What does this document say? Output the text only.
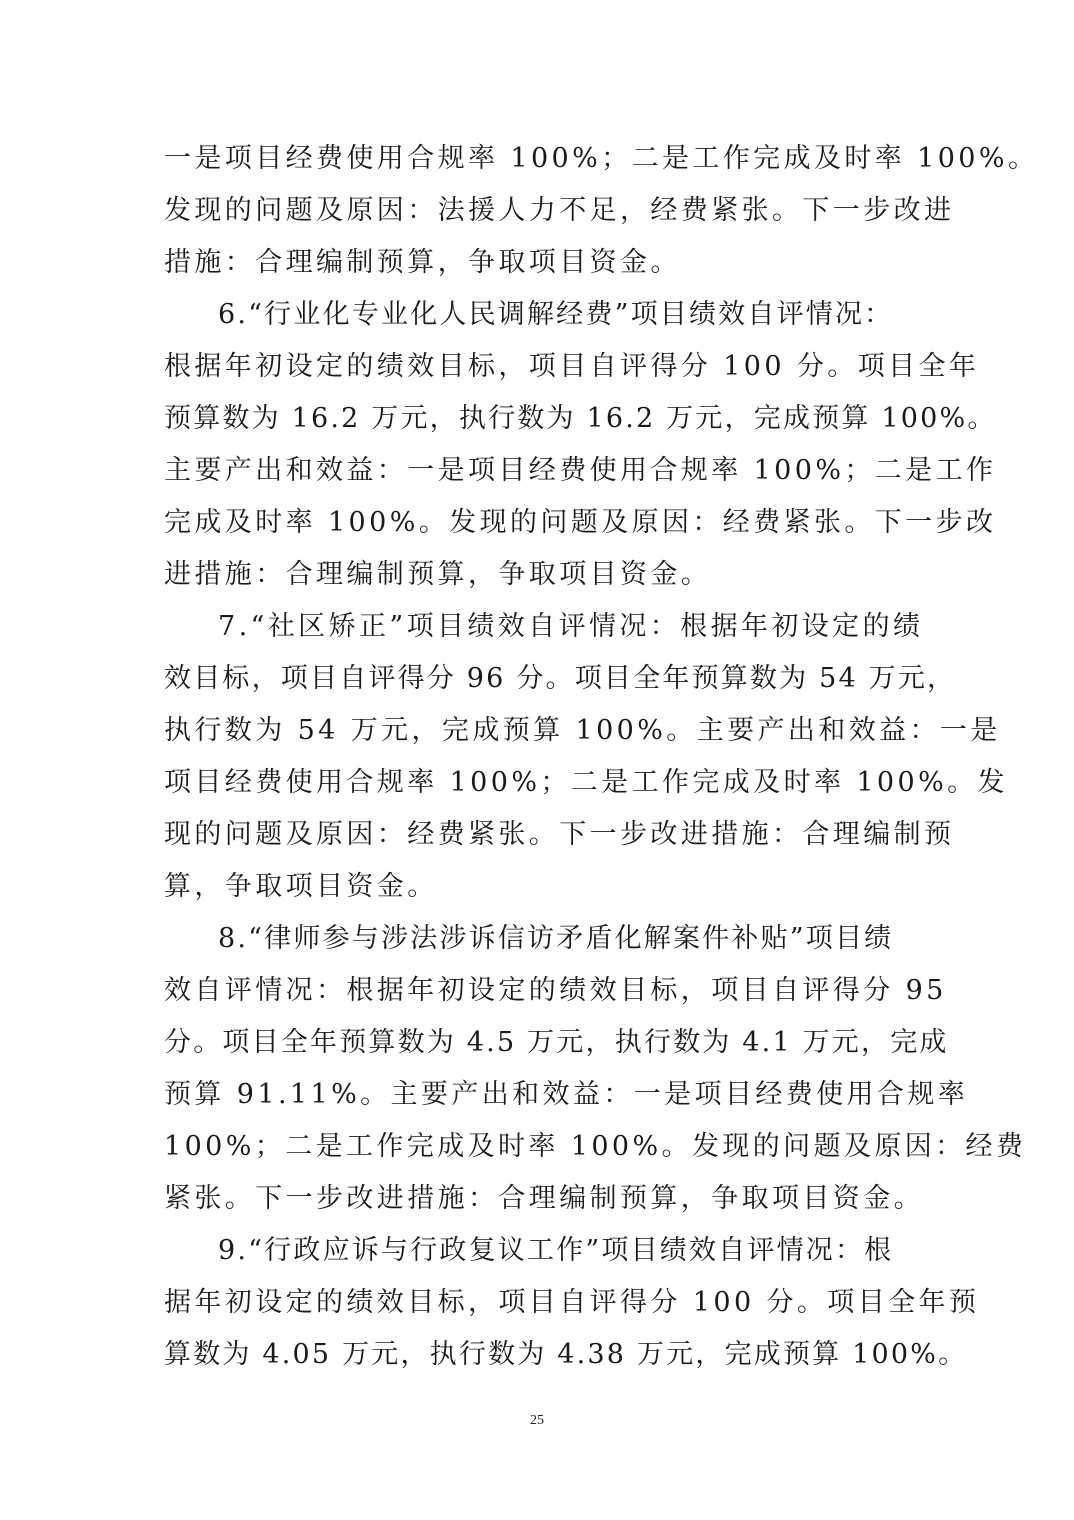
一是项目经费使用合规率 100%；二是工作完成及时率 100%。
发现的问题及原因：法援人力不足，经费紧张。下一步改进
措施：合理编制预算，争取项目资金。
6.“行业化专业化人民调解经费”项目绩效自评情况：
根据年初设定的绩效目标，项目自评得分 100 分。项目全年
预算数为 16.2 万元，执行数为 16.2 万元，完成预算 100%。
主要产出和效益：一是项目经费使用合规率 100%；二是工作
完成及时率 100%。发现的问题及原因：经费紧张。下一步改
进措施：合理编制预算，争取项目资金。
7.“社区矫正”项目绩效自评情况：根据年初设定的绩
效目标，项目自评得分 96 分。项目全年预算数为 54 万元，
执行数为 54 万元，完成预算 100%。主要产出和效益：一是
项目经费使用合规率 100%；二是工作完成及时率 100%。发
现的问题及原因：经费紧张。下一步改进措施：合理编制预
算，争取项目资金。
8.“律师参与涉法涉诉信访矛盾化解案件补贴”项目绩
效自评情况：根据年初设定的绩效目标，项目自评得分 95
分。项目全年预算数为 4.5 万元，执行数为 4.1 万元，完成
预算 91.11%。主要产出和效益：一是项目经费使用合规率
100%；二是工作完成及时率 100%。发现的问题及原因：经费
紧张。下一步改进措施：合理编制预算，争取项目资金。
9.“行政应诉与行政复议工作”项目绩效自评情况：根
据年初设定的绩效目标，项目自评得分 100 分。项目全年预
算数为 4.05 万元，执行数为 4.38 万元，完成预算 100%。
25
